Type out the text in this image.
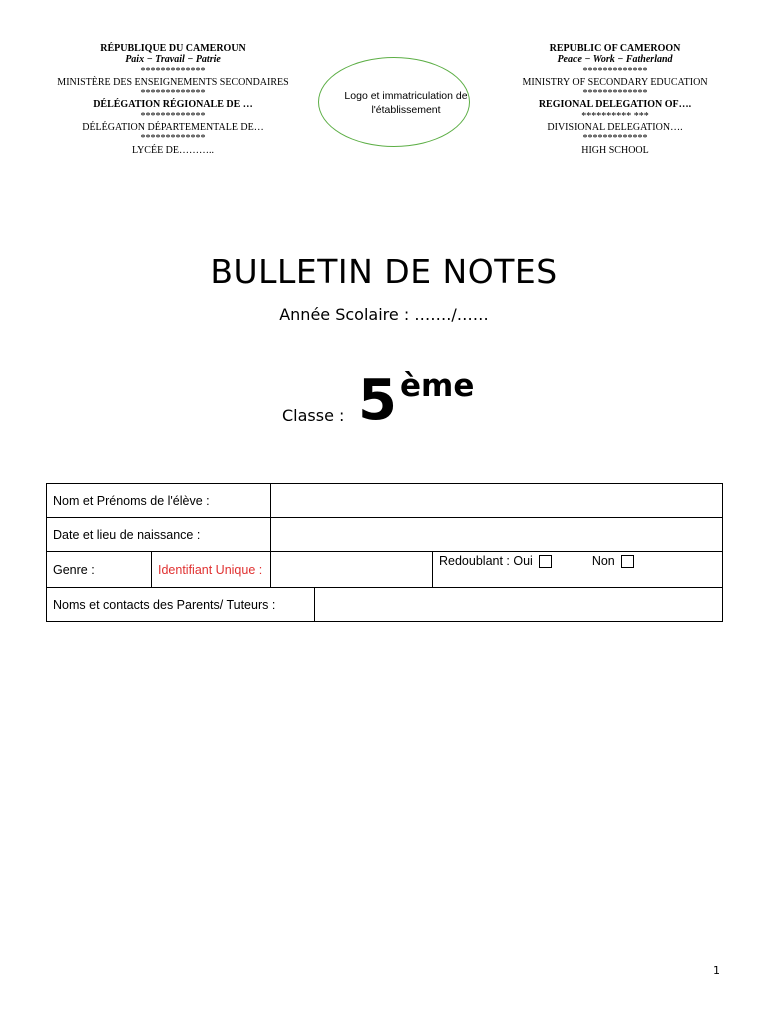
RÉPUBLIQUE DU CAMEROUN
Paix − Travail − Patrie
*************
MINISTÈRE DES ENSEIGNEMENTS SECONDAIRES
*************
DÉLÉGATION RÉGIONALE DE …
*************
DÉLÉGATION DÉPARTEMENTALE DE…
*************
LYCÉE DE………..
Logo et immatriculation de
l'établissement
REPUBLIC OF CAMEROON
Peace − Work − Fatherland
*************
MINISTRY OF SECONDARY EDUCATION
*************
REGIONAL DELEGATION OF….
********** ***
DIVISIONAL DELEGATION….
*************
HIGH SCHOOL
BULLETIN DE NOTES
Année Scolaire : ……./……
Classe : 5 ème
Nom et Prénoms de l'élève :				
Date et lieu de naissance :				
Genre :	Identifiant Unique :			Redoublant : Oui Non
Noms et contacts des Parents/ Tuteurs :				
1
